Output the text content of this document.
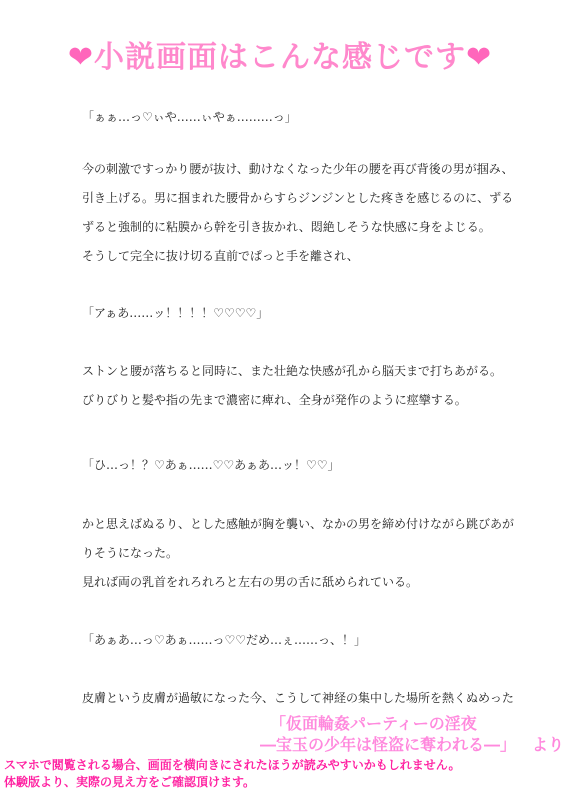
❤小説画面はこんな感じです❤
「ぁぁ…っ♡ぃや……ぃやぁ………っ」
今の刺激ですっかり腰が抜け、動けなくなった少年の腰を再び背後の男が掴み、
引き上げる。男に掴まれた腰骨からすらジンジンとした疼きを感じるのに、ずる
ずると強制的に粘膜から幹を引き抜かれ、悶絶しそうな快感に身をよじる。
そうして完全に抜け切る直前でぱっと手を離され、
「アぁあ……ッ！！！！♡♡♡♡」
ストンと腰が落ちると同時に、また壮絶な快感が孔から脳天まで打ちあがる。
びりびりと髪や指の先まで濃密に痺れ、全身が発作のように痙攣する。
「ひ…っ！？♡あぁ……♡♡あぁあ…ッ！♡♡」
かと思えばぬるり、とした感触が胸を襲い、なかの男を締め付けながら跳びあが
りそうになった。
見れば両の乳首をれろれろと左右の男の舌に舐められている。
「あぁあ…っ♡あぁ……っ♡♡だめ…ぇ……っ、！」
皮膚という皮膚が過敏になった今、こうして神経の集中した場所を熱くぬめった
「仮面輪姦パーティーの淫夜
―宝玉の少年は怪盗に奪われる―」 より
スマホで閲覧される場合、画面を横向きにされたほうが読みやすいかもしれません。
体験版より、実際の見え方をご確認頂けます。
